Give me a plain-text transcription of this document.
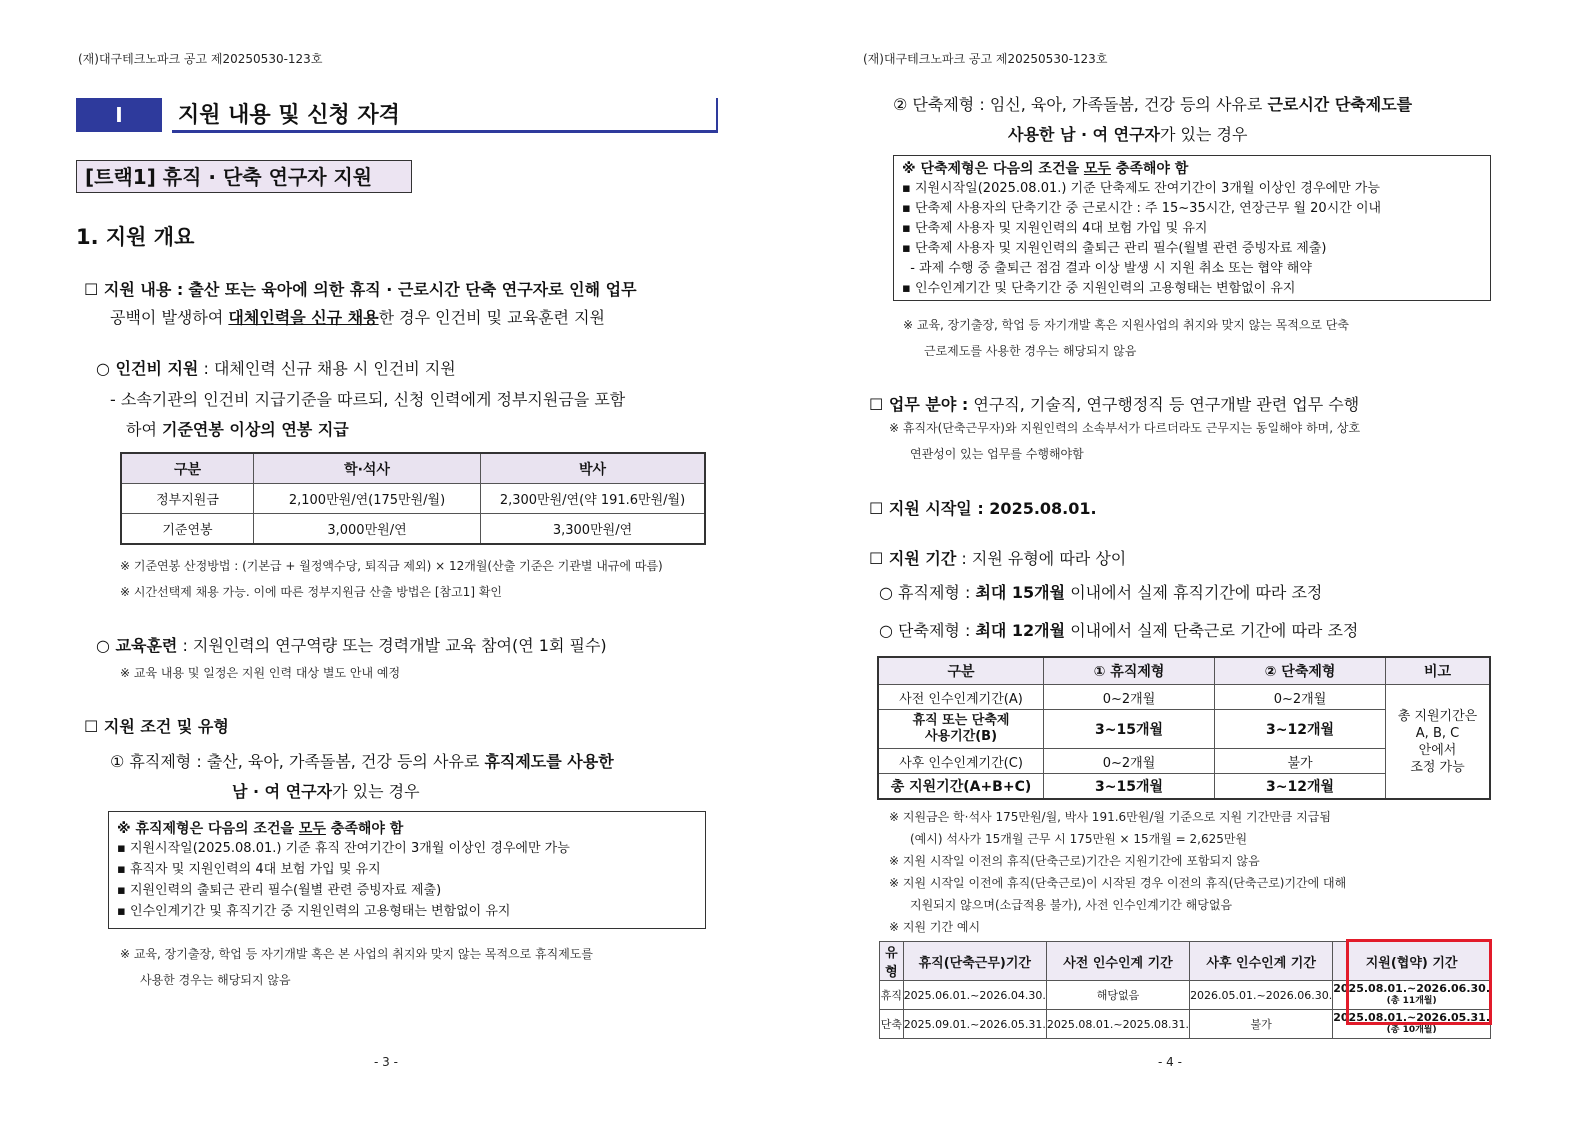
(재)대구테크노파크 공고 제20250530-123호
Ⅰ	지원 내용 및 신청 자격
[트랙1] 휴직 · 단축 연구자 지원
1. 지원 개요
☐ 지원 내용 : 출산 또는 육아에 의한 휴직 · 근로시간 단축 연구자로 인해 업무
공백이 발생하여 대체인력을 신규 채용한 경우 인건비 및 교육훈련 지원
○ 인건비 지원 : 대체인력 신규 채용 시 인건비 지원
- 소속기관의 인건비 지급기준을 따르되, 신청 인력에게 정부지원금을 포함
하여 기준연봉 이상의 연봉 지급
구분	학·석사	박사
정부지원금	2,100만원/연(175만원/월)	2,300만원/연(약 191.6만원/월)
기준연봉	3,000만원/연	3,300만원/연
※ 기준연봉 산정방법 : (기본급 + 월정액수당, 퇴직금 제외) × 12개월(산출 기준은 기관별 내규에 따름)
※ 시간선택제 채용 가능. 이에 따른 정부지원금 산출 방법은 [참고1] 확인
○ 교육훈련 : 지원인력의 연구역량 또는 경력개발 교육 참여(연 1회 필수)
※ 교육 내용 및 일정은 지원 인력 대상 별도 안내 예정
☐ 지원 조건 및 유형
① 휴직제형 : 출산, 육아, 가족돌봄, 건강 등의 사유로 휴직제도를 사용한
남 · 여 연구자가 있는 경우
※ 휴직제형은 다음의 조건을 모두 충족해야 함
▪ 지원시작일(2025.08.01.) 기준 휴직 잔여기간이 3개월 이상인 경우에만 가능
▪ 휴직자 및 지원인력의 4대 보험 가입 및 유지
▪ 지원인력의 출퇴근 관리 필수(월별 관련 증빙자료 제출)
▪ 인수인계기간 및 휴직기간 중 지원인력의 고용형태는 변함없이 유지
※ 교육, 장기출장, 학업 등 자기개발 혹은 본 사업의 취지와 맞지 않는 목적으로 휴직제도를
사용한 경우는 해당되지 않음
- 3 -
(재)대구테크노파크 공고 제20250530-123호
② 단축제형 : 임신, 육아, 가족돌봄, 건강 등의 사유로 근로시간 단축제도를
사용한 남 · 여 연구자가 있는 경우
※ 단축제형은 다음의 조건을 모두 충족해야 함
▪ 지원시작일(2025.08.01.) 기준 단축제도 잔여기간이 3개월 이상인 경우에만 가능
▪ 단축제 사용자의 단축기간 중 근로시간 : 주 15~35시간, 연장근무 월 20시간 이내
▪ 단축제 사용자 및 지원인력의 4대 보험 가입 및 유지
▪ 단축제 사용자 및 지원인력의 출퇴근 관리 필수(월별 관련 증빙자료 제출)
- 과제 수행 중 출퇴근 점검 결과 이상 발생 시 지원 취소 또는 협약 해약
▪ 인수인계기간 및 단축기간 중 지원인력의 고용형태는 변함없이 유지
※ 교육, 장기출장, 학업 등 자기개발 혹은 지원사업의 취지와 맞지 않는 목적으로 단축
근로제도를 사용한 경우는 해당되지 않음
☐ 업무 분야 : 연구직, 기술직, 연구행정직 등 연구개발 관련 업무 수행
※ 휴직자(단축근무자)와 지원인력의 소속부서가 다르더라도 근무지는 동일해야 하며, 상호
연관성이 있는 업무를 수행해야함
☐ 지원 시작일 : 2025.08.01.
☐ 지원 기간 : 지원 유형에 따라 상이
○ 휴직제형 : 최대 15개월 이내에서 실제 휴직기간에 따라 조정
○ 단축제형 : 최대 12개월 이내에서 실제 단축근로 기간에 따라 조정
구분	① 휴직제형	② 단축제형	비고
사전 인수인계기간(A)	0~2개월	0~2개월	총 지원기간은
A, B, C
안에서
조정 가능
휴직 또는 단축제
사용기간(B)	3~15개월	3~12개월	
사후 인수인계기간(C)	0~2개월	불가	
총 지원기간(A+B+C)	3~15개월	3~12개월	
※ 지원금은 학·석사 175만원/월, 박사 191.6만원/월 기준으로 지원 기간만큼 지급됨
(예시) 석사가 15개월 근무 시 175만원 × 15개월 = 2,625만원
※ 지원 시작일 이전의 휴직(단축근로)기간은 지원기간에 포함되지 않음
※ 지원 시작일 이전에 휴직(단축근로)이 시작된 경우 이전의 휴직(단축근로)기간에 대해
지원되지 않으며(소급적용 불가), 사전 인수인계기간 해당없음
※ 지원 기간 예시
유형	휴직(단축근무)기간	사전 인수인계 기간	사후 인수인계 기간	지원(협약) 기간
휴직	2025.06.01.~2026.04.30.	해당없음	2026.05.01.~2026.06.30.	2025.08.01.~2026.06.30.
(총 11개월)

단축	2025.09.01.~2026.05.31.	2025.08.01.~2025.08.31.	불가	2025.08.01.~2026.05.31.
(총 10개월)
- 4 -
